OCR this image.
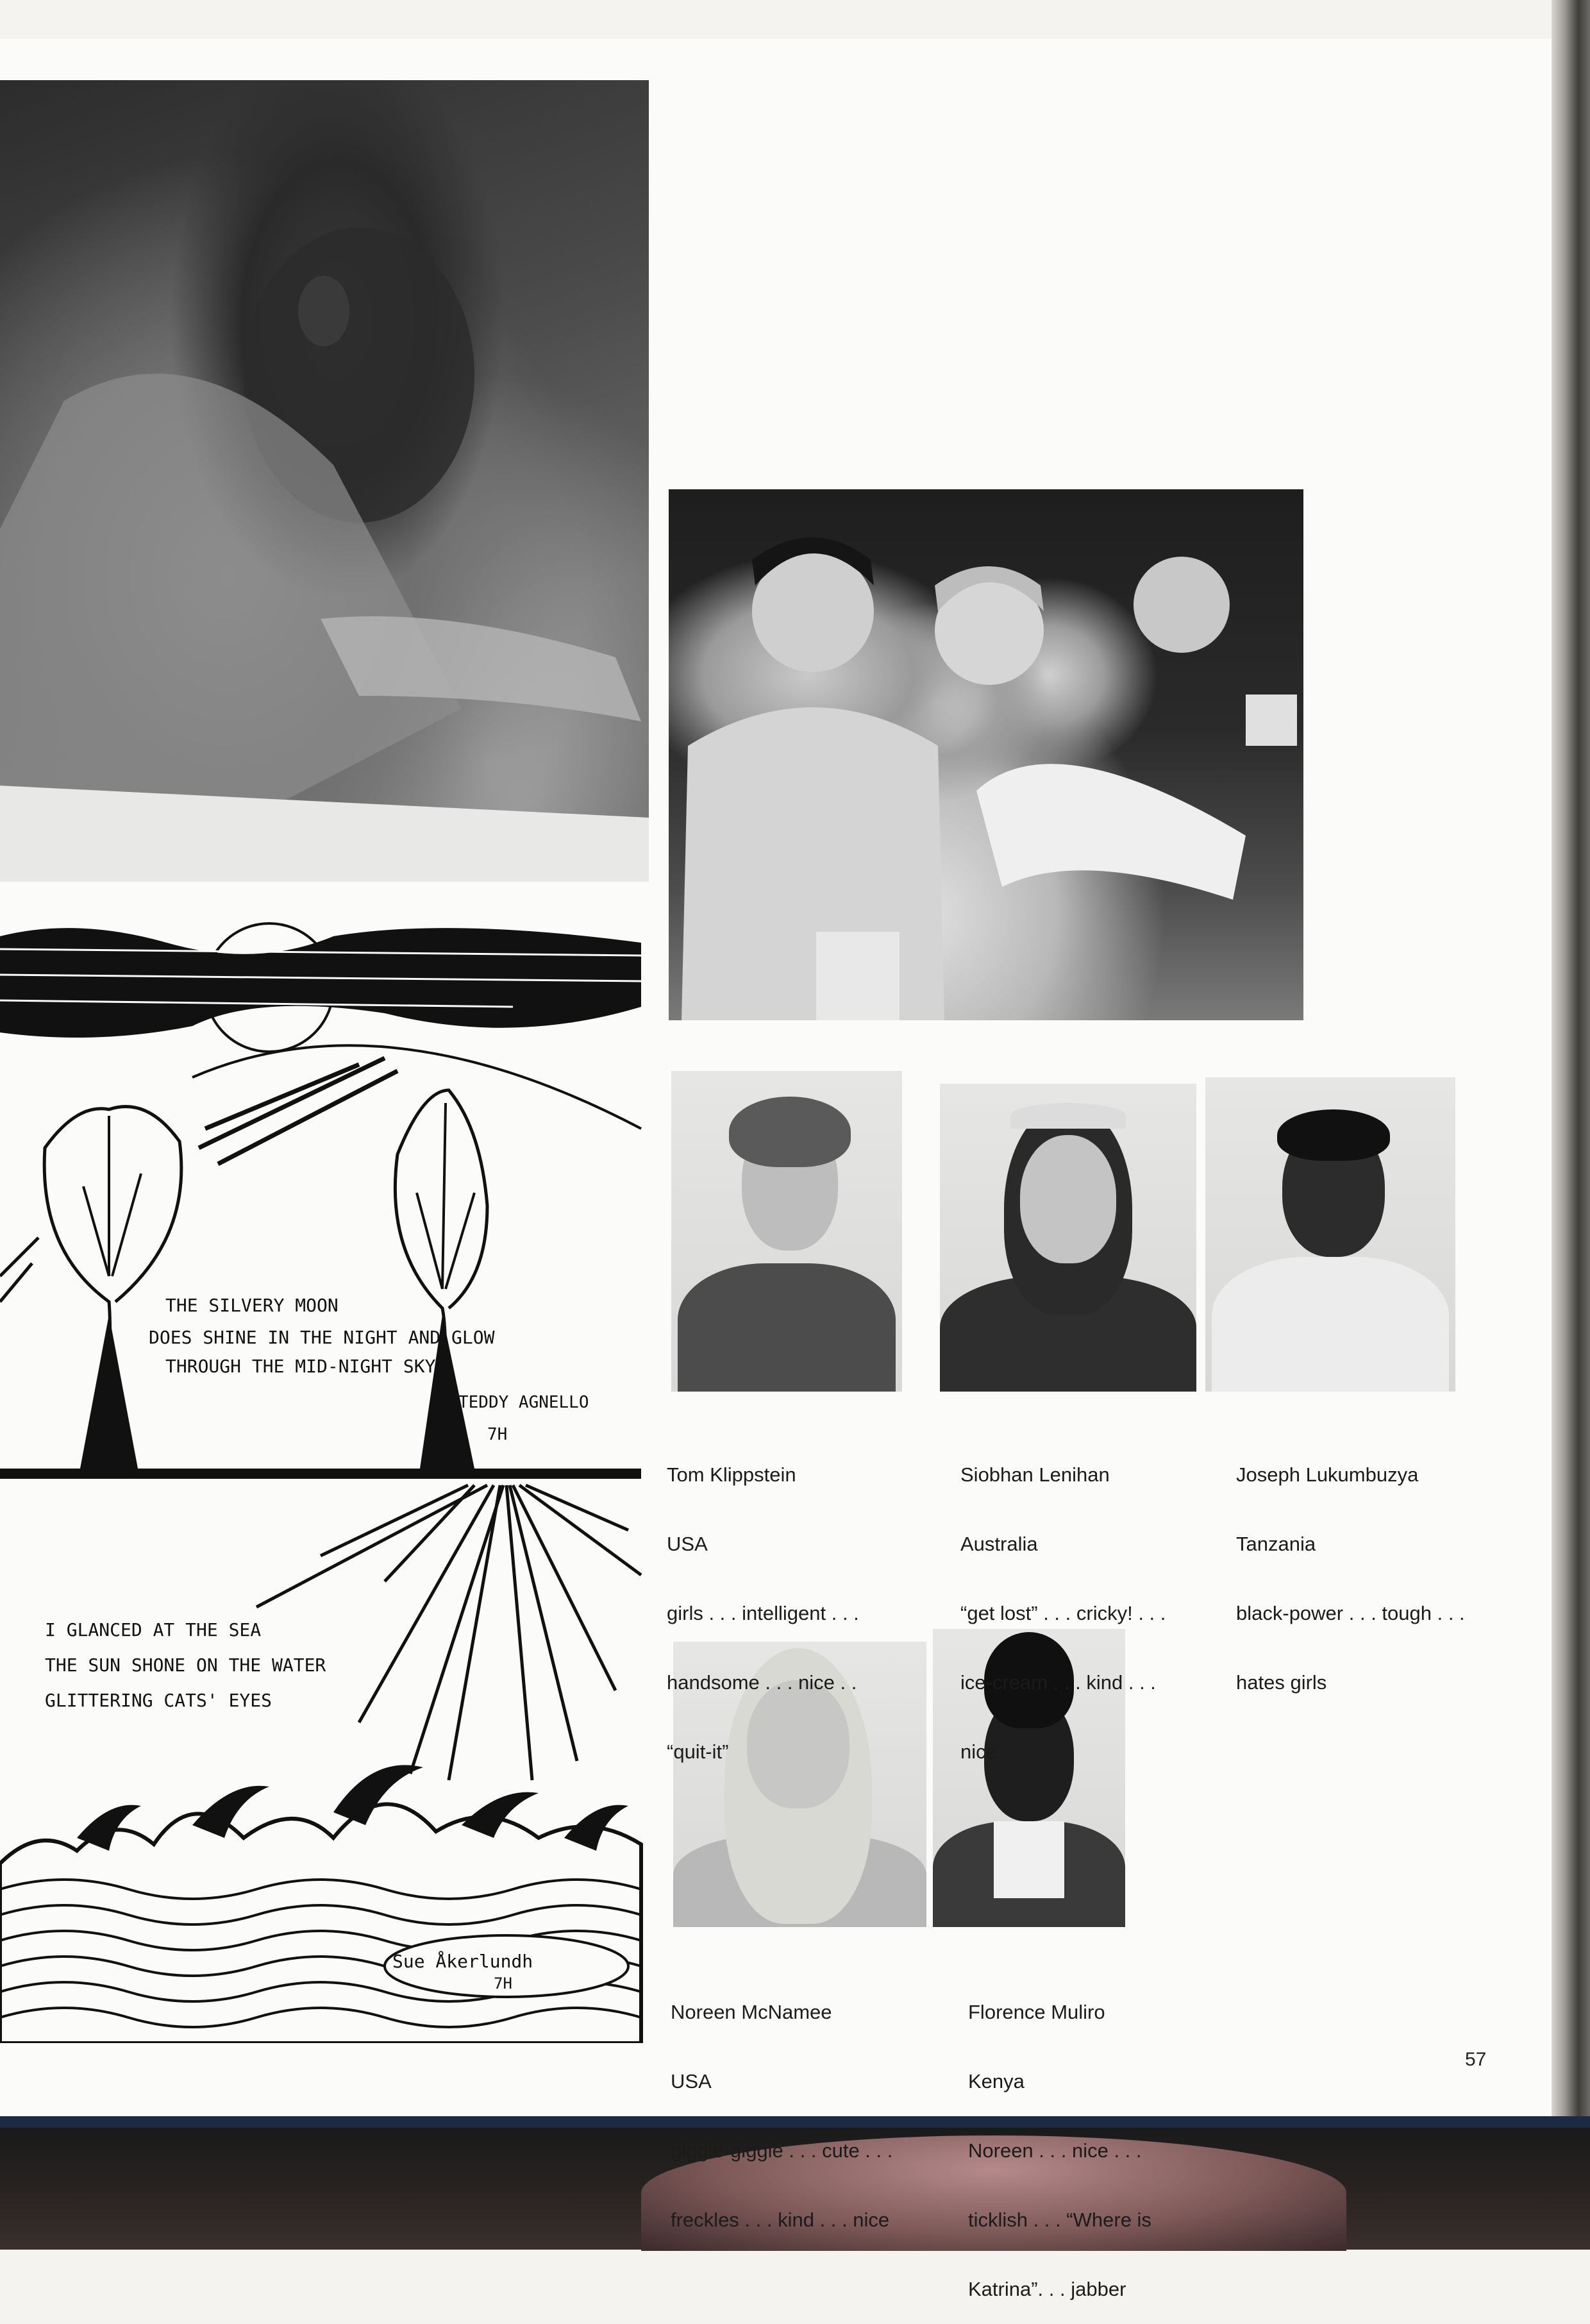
THE SILVERY MOON
DOES SHINE IN THE NIGHT AND GLOW
THROUGH THE MID-NIGHT SKY
TEDDY AGNELLO
7H
I GLANCED AT THE SEA
THE SUN SHONE ON THE WATER
GLITTERING CATS' EYES
Sue Åkerlundh
7H

Tom Klippstein

USA

girls . . . intelligent . . .

handsome . . . nice . .

“quit-it”

Siobhan Lenihan

Australia

“get lost” . . . cricky! . . .

ice-cream . . . kind . . .

nice

Joseph Lukumbuzya

Tanzania

black-power . . . tough . . .

hates girls

Noreen McNamee

USA

giggle-giggle . . . cute . . .

freckles . . . kind . . . nice

Florence Muliro

Kenya

Noreen . . . nice . . .

ticklish . . . “Where is

Katrina”. . . jabber

57
